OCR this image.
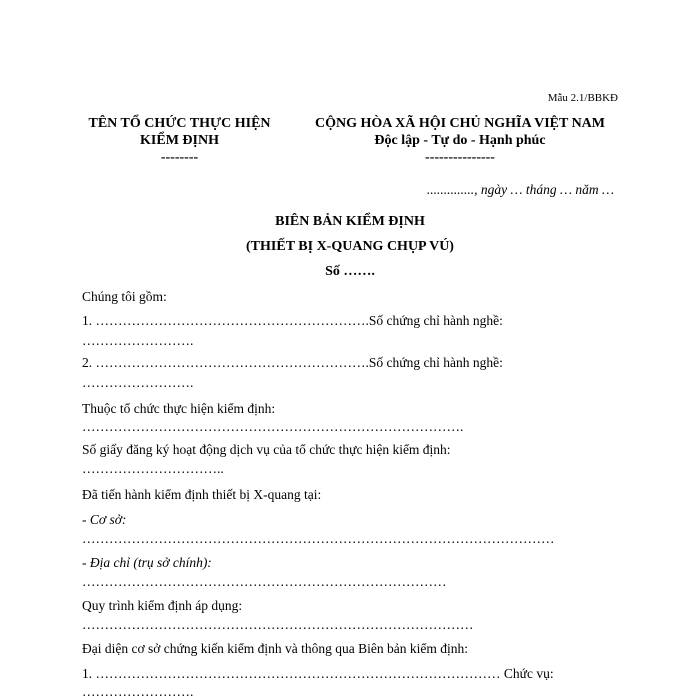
Mẫu 2.1/BBKĐ
TÊN TỔ CHỨC THỰC HIỆN
KIỂM ĐỊNH
--------
CỘNG HÒA XÃ HỘI CHỦ NGHĨA VIỆT NAM
Độc lập - Tự do - Hạnh phúc
---------------
.............., ngày … tháng … năm …
BIÊN BẢN KIỂM ĐỊNH
(THIẾT BỊ X-QUANG CHỤP VÚ)
Số …….
Chúng tôi gồm:
1. …………………………………………………….Số chứng chỉ hành nghề:
…………………….
2. …………………………………………………….Số chứng chỉ hành nghề:
…………………….
Thuộc tổ chức thực hiện kiểm định:
………………………………………………………………………….
Số giấy đăng ký hoạt động dịch vụ của tổ chức thực hiện kiểm định:
…………………………..
Đã tiến hành kiểm định thiết bị X-quang tại:
- Cơ sở:
……………………………………………………………………………………………
- Địa chỉ (trụ sở chính):
………………………………………………………………………
Quy trình kiểm định áp dụng:
……………………………………………………………………………
Đại diện cơ sở chứng kiến kiểm định và thông qua Biên bản kiểm định:
1. ……………………………………………………………………………… Chức vụ:
…………………….
